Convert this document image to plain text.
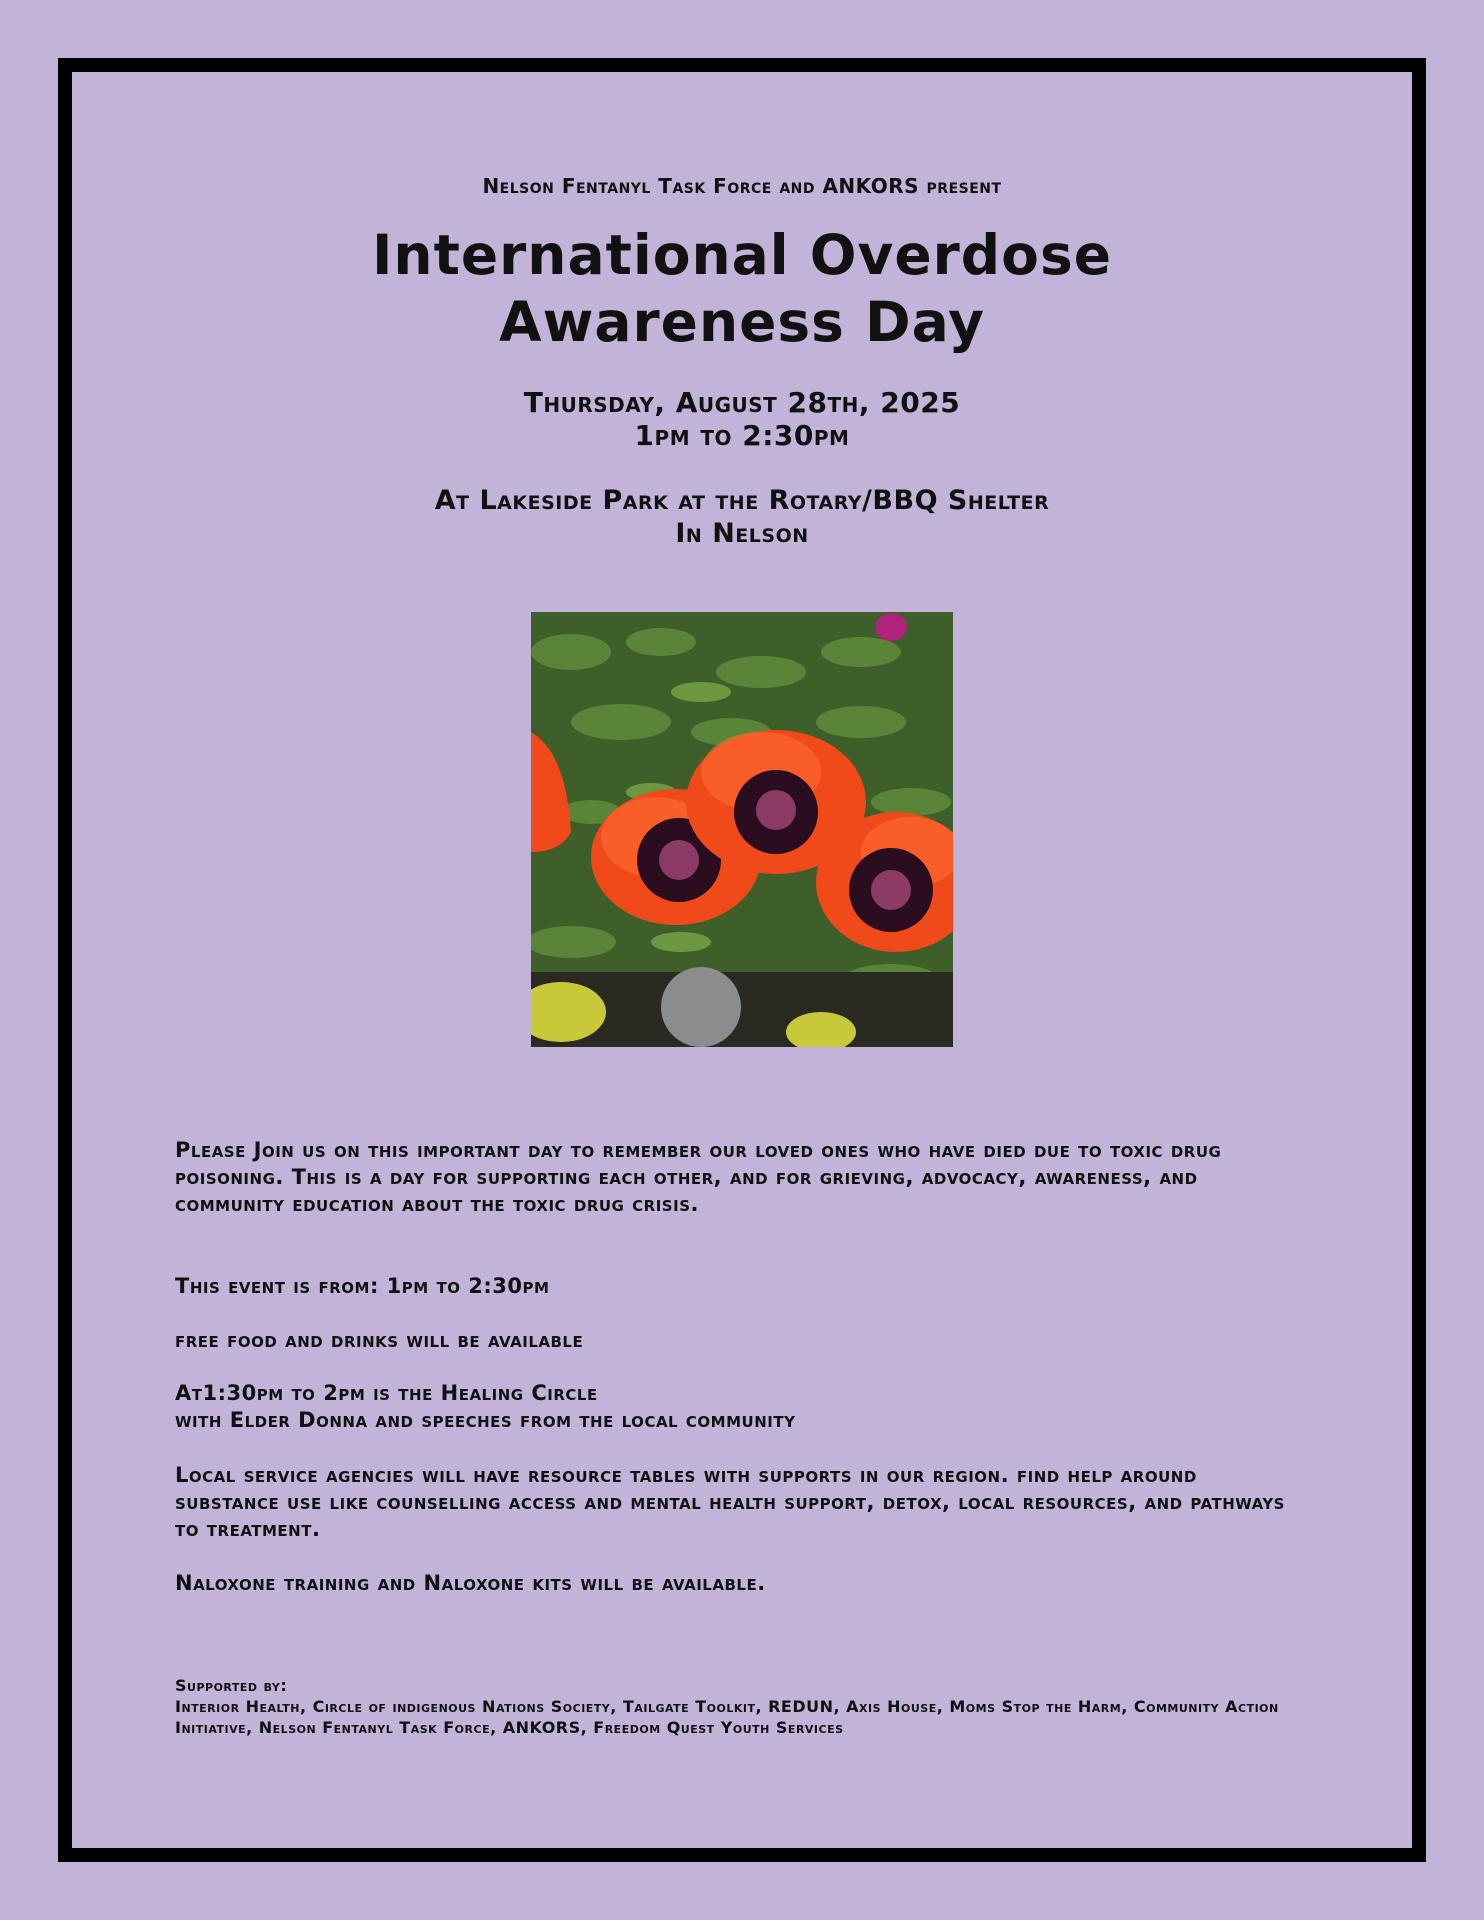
Nelson Fentanyl Task Force and ANKORS present
International Overdose
Awareness Day
Thursday, August 28th, 2025
1pm to 2:30pm
At Lakeside Park at the Rotary/BBQ Shelter
In Nelson

Please Join us on this important day to remember our loved ones who have died due to toxic drug poisoning. This is a day for supporting each other, and for grieving, advocacy, awareness, and community education about the toxic drug crisis.

This event is from: 1pm to 2:30pm

free food and drinks will be available

At1:30pm to 2pm is the Healing Circle

with Elder Donna and speeches from the local community

Local service agencies will have resource tables with supports in our region. find help around substance use like counselling access and mental health support, detox, local resources, and pathways to treatment.

Naloxone training and Naloxone kits will be available.

Supported by:
Interior Health, Circle of indigenous Nations Society, Tailgate Toolkit, REDUN, Axis House, Moms Stop the Harm, Community Action Initiative, Nelson Fentanyl Task Force, ANKORS, Freedom Quest Youth Services
